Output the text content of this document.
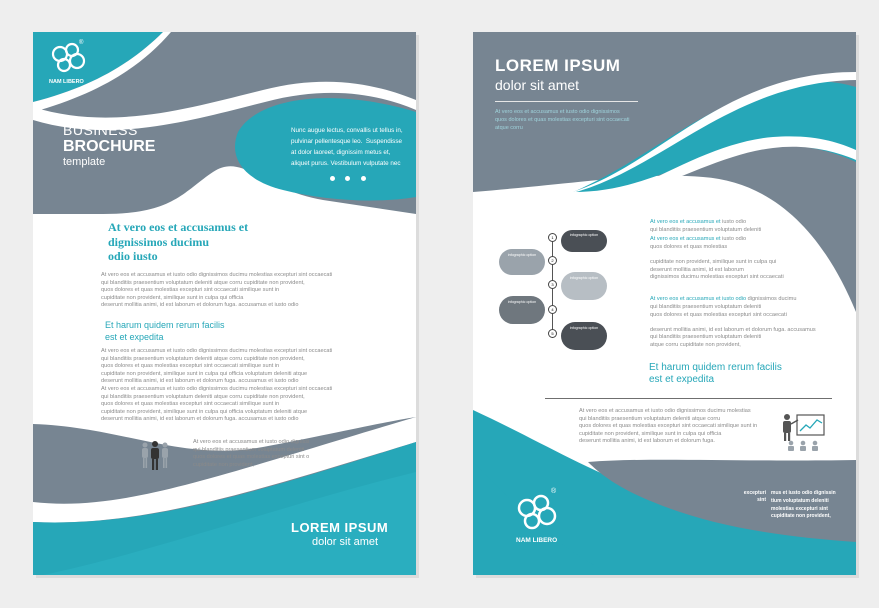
®
NAM LIBERO
BUSINESS
BROCHURE
template
Nunc augue lectus, convallis ut tellus in,
pulvinar pellentesque leo.  Suspendisse
at dolor laoreet, dignissim metus et,
aliquet purus. Vestibulum vulputate nec

At vero eos et accusamus et
dignissimos ducimu
odio iusto
At vero eos et accusamus et iusto odio dignissimos ducimu molestias excepturi sint occaecati
qui blanditiis praesentium voluptatum deleniti atque corru cupiditate non provident,
quos dolores et quas molestias excepturi sint occaecati similique sunt in
cupiditate non provident, similique sunt in culpa qui officia
deserunt mollitia animi, id est laborum et dolorum fuga. accusamus et iusto odio
Et harum quidem rerum facilis
est et expedita
At vero eos et accusamus et iusto odio dignissimos ducimu molestias excepturi sint occaecati
qui blanditiis praesentium voluptatum deleniti atque corru cupiditate non provident,
quos dolores et quas molestias excepturi sint occaecati similique sunt in
cupiditate non provident, similique sunt in culpa qui officia voluptatum deleniti atque
deserunt mollitia animi, id est laborum et dolorum fuga. accusamus et iusto odio
At vero eos et accusamus et iusto odio dignissimos ducimu molestias excepturi sint occaecati
qui blanditiis praesentium voluptatum deleniti atque corru cupiditate non provident,
quos dolores et quas molestias excepturi sint occaecati similique sunt in
cupiditate non provident, similique sunt in culpa qui officia voluptatum deleniti atque
deserunt mollitia animi, id est laborum et dolorum fuga. accusamus et iusto odio
At vero eos et accusamus et iusto odio dignissi
qui blanditiis praesentium voluptatum deleniti
quos dolores et quas molestias excepturi sint o
cupiditate non provident,
LOREM IPSUM
dolor sit amet
LOREM IPSUM
dolor sit amet
At vero eos et accusamus et iusto odio dignissimos
quos dolores et quas molestias excepturi sint occaecati
atque corru
1
2
3
4
5
infographic option
infographic option
infographic option
infographic option
infographic option
At vero eos et accusamus et iusto odio
qui blanditiis praesentium voluptatum deleniti
At vero eos et accusamus et iusto odio
quos dolores et quas molestias

cupiditate non provident, similique sunt in culpa qui
deserunt mollitia animi, id est laborum
dignissimos ducimu molestias excepturi sint occaecati
At vero eos et accusamus et iusto odio dignissimos ducimu
qui blanditiis praesentium voluptatum deleniti
quos dolores et quas molestias excepturi sint occaecati

deserunt mollitia animi, id est laborum et dolorum fuga. accusamus
qui blanditiis praesentium voluptatum deleniti
atque corru cupiditate non provident,
Et harum quidem rerum facilis
est et expedita
At vero eos et accusamus et iusto odio dignissimos ducimu molestias
qui blanditiis praesentium voluptatum deleniti atque corru
quos dolores et quas molestias excepturi sint occaecati similique sunt in
cupiditate non provident, similique sunt in culpa qui officia
deserunt mollitia animi, id est laborum et dolorum fuga.
excepturi
sint
mus et iusto odio dignissin
tium voluptatum deleniti
molestias excepturi sint
cupiditate non provident,
®
NAM LIBERO
